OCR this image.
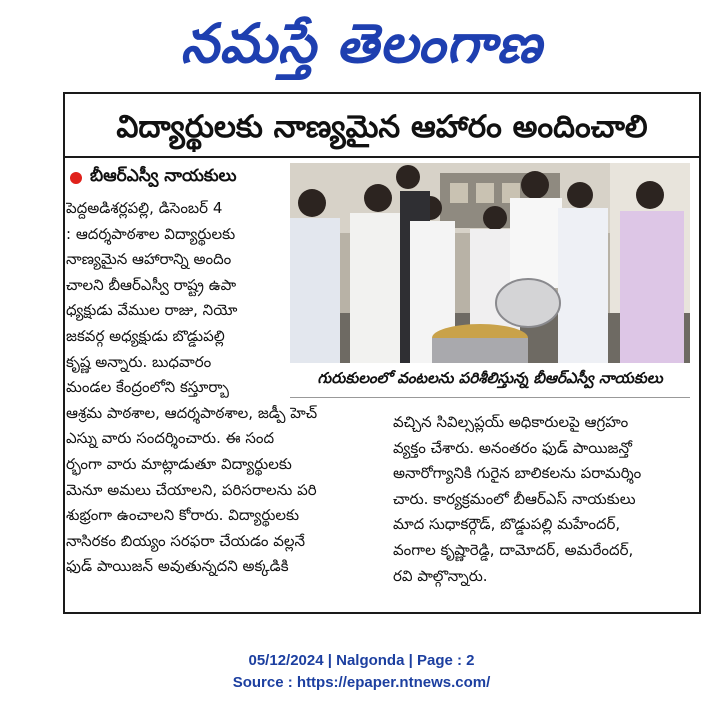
నమస్తే తెలంగాణ
విద్యార్థులకు నాణ్యమైన ఆహారం అందించాలి
బీఆర్ఎస్వీ నాయకులు
పెద్దఅడిశర్లపల్లి, డిసెంబర్ 4
: ఆదర్శపాఠశాల విద్యార్థులకు
నాణ్యమైన ఆహారాన్ని అందిం
చాలని బీఆర్ఎస్వీ రాష్ట్ర ఉపా
ధ్యక్షుడు వేముల రాజు, నియో
జకవర్గ అధ్యక్షుడు బొడ్డుపల్లి
కృష్ణ అన్నారు. బుధవారం
మండల కేంద్రంలోని కస్తూర్బా
ఆశ్రమ పాఠశాల, ఆదర్శపాఠశాల, జడ్పీ హెచ్
ఎస్ను వారు సందర్శించారు. ఈ సంద
ర్భంగా వారు మాట్లాడుతూ విద్యార్థులకు
మెనూ అమలు చేయాలని, పరిసరాలను పరి
శుభ్రంగా ఉంచాలని కోరారు. విద్యార్థులకు
నాసిరకం బియ్యం సరఫరా చేయడం వల్లనే
ఫుడ్ పాయిజన్ అవుతున్నదని అక్కడికి
గురుకులంలో వంటలను పరిశీలిస్తున్న బీఆర్ఎస్వీ నాయకులు
వచ్చిన సివిల్సప్లయ్ అధికారులపై ఆగ్రహం
వ్యక్తం చేశారు. అనంతరం ఫుడ్ పాయిజన్తో
అనారోగ్యానికి గురైన బాలికలను పరామర్శిం
చారు. కార్యక్రమంలో బీఆర్ఎస్ నాయకులు
మాద సుధాకర్గౌడ్, బొడ్డుపల్లి మహేందర్,
వంగాల కృష్ణారెడ్డి, దామోదర్, అమరేందర్,
రవి పాల్గొన్నారు.
05/12/2024 | Nalgonda | Page : 2
Source : https://epaper.ntnews.com/
